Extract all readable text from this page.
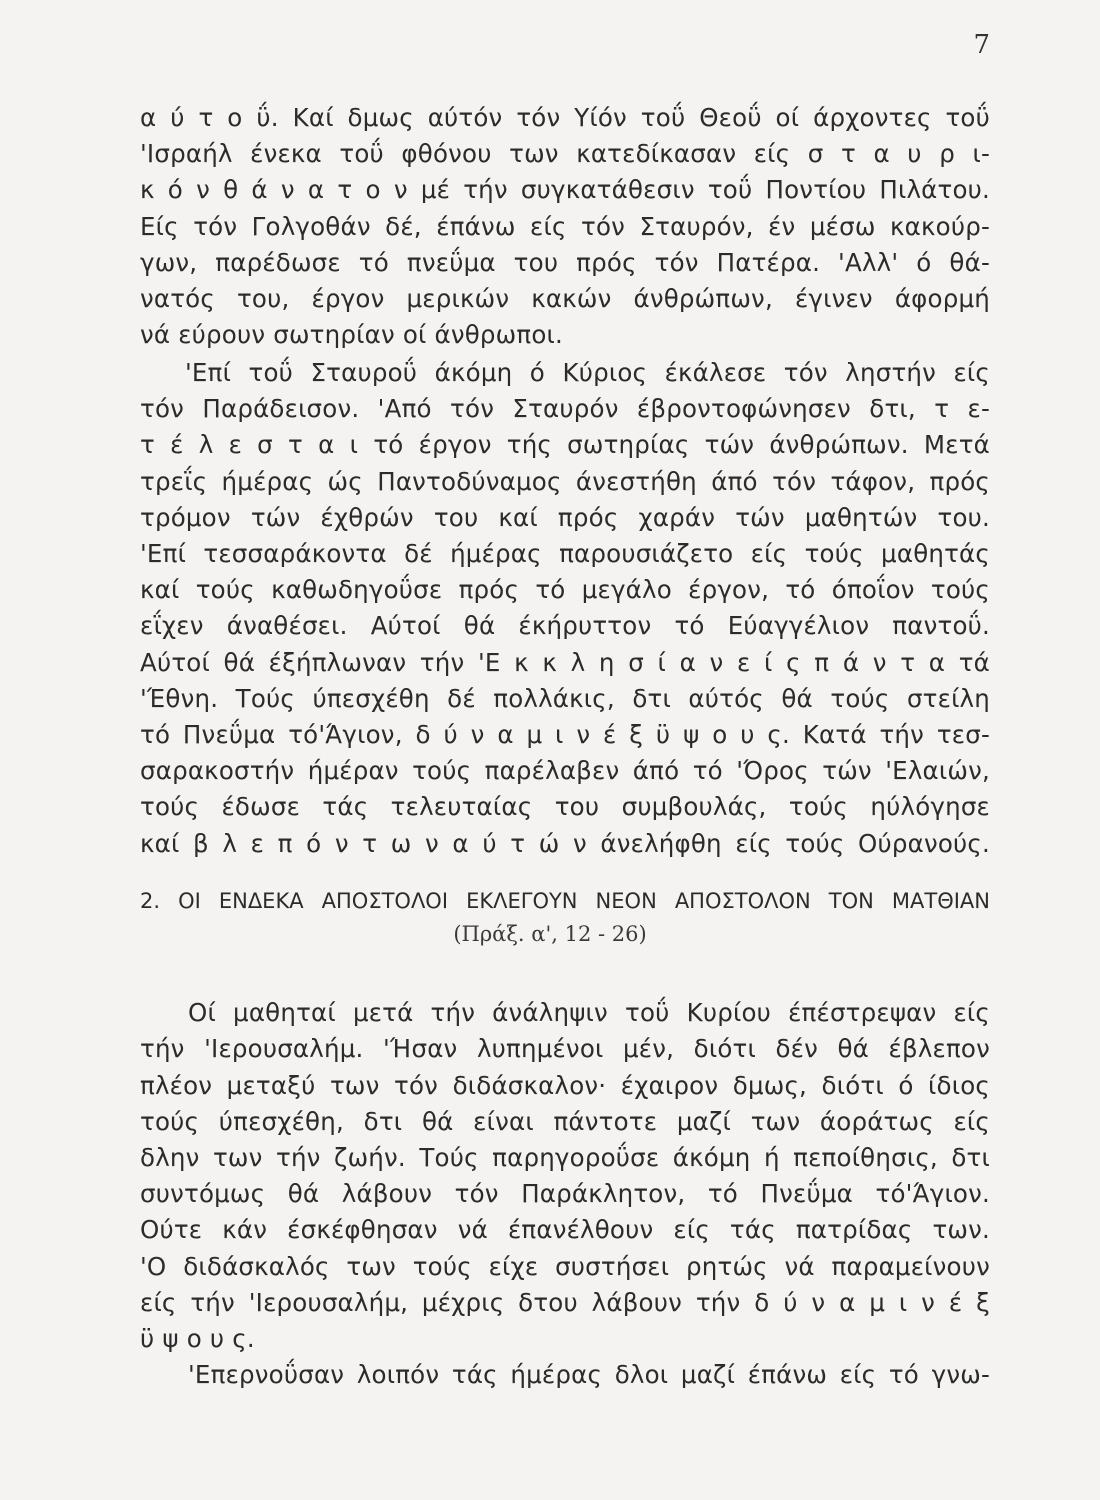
7
α ύ τ ο ΰ. Καί δμως αύτόν τόν Υίόν τοΰ Θεοΰ οί άρχοντες τοΰ
'Ισραήλ ένεκα τοΰ φθόνου των κατεδίκασαν είς σ τ α υ ρ ι-
κ ό ν θ ά ν α τ ο ν μέ τήν συγκατάθεσιν τοΰ Ποντίου Πιλάτου.
Είς τόν Γολγοθάν δέ, έπάνω είς τόν Σταυρόν, έν μέσω κακούρ-
γων, παρέδωσε τό πνεΰμα του πρός τόν Πατέρα. 'Αλλ' ό θά-
νατός του, έργον μερικών κακών άνθρώπων, έγινεν άφορμή
νά εύρουν σωτηρίαν οί άνθρωποι.
'Επί τοΰ Σταυροΰ άκόμη ό Κύριος έκάλεσε τόν ληστήν είς
τόν Παράδεισον. 'Από τόν Σταυρόν έβροντοφώνησεν δτι, τ ε-
τ έ λ ε σ τ α ι τό έργον τής σωτηρίας τών άνθρώπων. Μετά
τρεΐς ήμέρας ώς Παντοδύναμος άνεστήθη άπό τόν τάφον, πρός
τρόμον τών έχθρών του καί πρός χαράν τών μαθητών του.
'Επί τεσσαράκοντα δέ ήμέρας παρουσιάζετο είς τούς μαθητάς
καί τούς καθωδηγοΰσε πρός τό μεγάλο έργον, τό όποΐον τούς
εΐχεν άναθέσει. Αύτοί θά έκήρυττον τό Εύαγγέλιον παντοΰ.
Αύτοί θά έξήπλωναν τήν 'Ε κ κ λ η σ ί α ν ε ί ς π ά ν τ α τά
'Έθνη. Τούς ύπεσχέθη δέ πολλάκις, δτι αύτός θά τούς στείλη
τό Πνεΰμα τό'Άγιον, δ ύ ν α μ ι ν έ ξ ϋ ψ ο υ ς. Κατά τήν τεσ-
σαρακοστήν ήμέραν τούς παρέλαβεν άπό τό 'Όρος τών 'Ελαιών,
τούς έδωσε τάς τελευταίας του συμβουλάς, τούς ηύλόγησε
καί β λ ε π ό ν τ ω ν α ύ τ ώ ν άνελήφθη είς τούς Ούρανούς.
2. ΟΙ ΕΝΔΕΚΑ ΑΠΟΣΤΟΛΟΙ ΕΚΛΕΓΟΥΝ ΝΕΟΝ ΑΠΟΣΤΟΛΟΝ ΤΟΝ ΜΑΤΘΙΑΝ
(Πράξ. α', 12 - 26)
Οί μαθηταί μετά τήν άνάληψιν τοΰ Κυρίου έπέστρεψαν είς
τήν 'Ιερουσαλήμ. 'Ήσαν λυπημένοι μέν, διότι δέν θά έβλεπον
πλέον μεταξύ των τόν διδάσκαλον· έχαιρον δμως, διότι ό ίδιος
τούς ύπεσχέθη, δτι θά είναι πάντοτε μαζί των άοράτως είς
δλην των τήν ζωήν. Τούς παρηγοροΰσε άκόμη ή πεποίθησις, δτι
συντόμως θά λάβουν τόν Παράκλητον, τό Πνεΰμα τό'Άγιον.
Ούτε κάν έσκέφθησαν νά έπανέλθουν είς τάς πατρίδας των.
'Ο διδάσκαλός των τούς είχε συστήσει ρητώς νά παραμείνουν
είς τήν 'Ιερουσαλήμ, μέχρις δτου λάβουν τήν δ ύ ν α μ ι ν έ ξ
ϋ ψ ο υ ς.
'Επερνοΰσαν λοιπόν τάς ήμέρας δλοι μαζί έπάνω είς τό γνω-
